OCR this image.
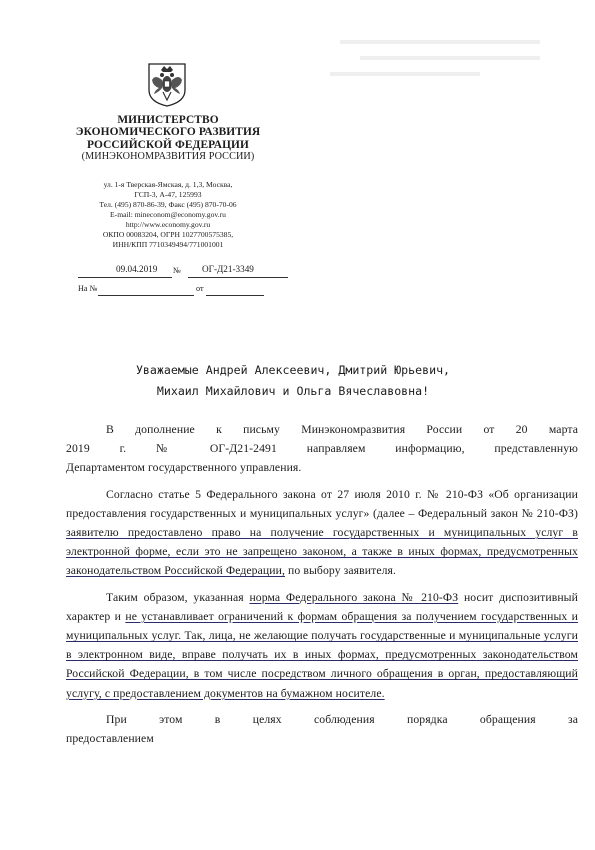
МИНИСТЕРСТВО
ЭКОНОМИЧЕСКОГО РАЗВИТИЯ
РОССИЙСКОЙ ФЕДЕРАЦИИ
(МИНЭКОНОМРАЗВИТИЯ РОССИИ)
ул. 1-я Тверская-Ямская, д. 1,3, Москва,
ГСП-3, А-47, 125993
Тел. (495) 870-86-39, Факс (495) 870-70-06
E-mail: mineconom@economy.gov.ru
http://www.economy.gov.ru
ОКПО 00083204, ОГРН 1027700575385,
ИНН/КПП 7710349494/771001001
09.04.2019 № ОГ-Д21-3349
На №	от
Уважаемые Андрей Алексеевич, Дмитрий Юрьевич,
Михаил Михайлович и Ольга Вячеславовна!

В дополнение к письму Минэкономразвития России от 20 марта 2019 г. № ОГ-Д21-2491 направляем информацию, представленную Департаментом государственного управления.

Согласно статье 5 Федерального закона от 27 июля 2010 г. № 210-ФЗ «Об организации предоставления государственных и муниципальных услуг» (далее – Федеральный закон № 210-ФЗ) заявителю предоставлено право на получение государственных и муниципальных услуг в электронной форме, если это не запрещено законом, а также в иных формах, предусмотренных законодательством Российской Федерации, по выбору заявителя.

Таким образом, указанная норма Федерального закона № 210-ФЗ носит диспозитивный характер и не устанавливает ограничений к формам обращения за получением государственных и муниципальных услуг. Так, лица, не желающие получать государственные и муниципальные услуги в электронном виде, вправе получать их в иных формах, предусмотренных законодательством Российской Федерации, в том числе посредством личного обращения в орган, предоставляющий услугу, с предоставлением документов на бумажном носителе.

При этом в целях соблюдения порядка обращения за предоставлением
